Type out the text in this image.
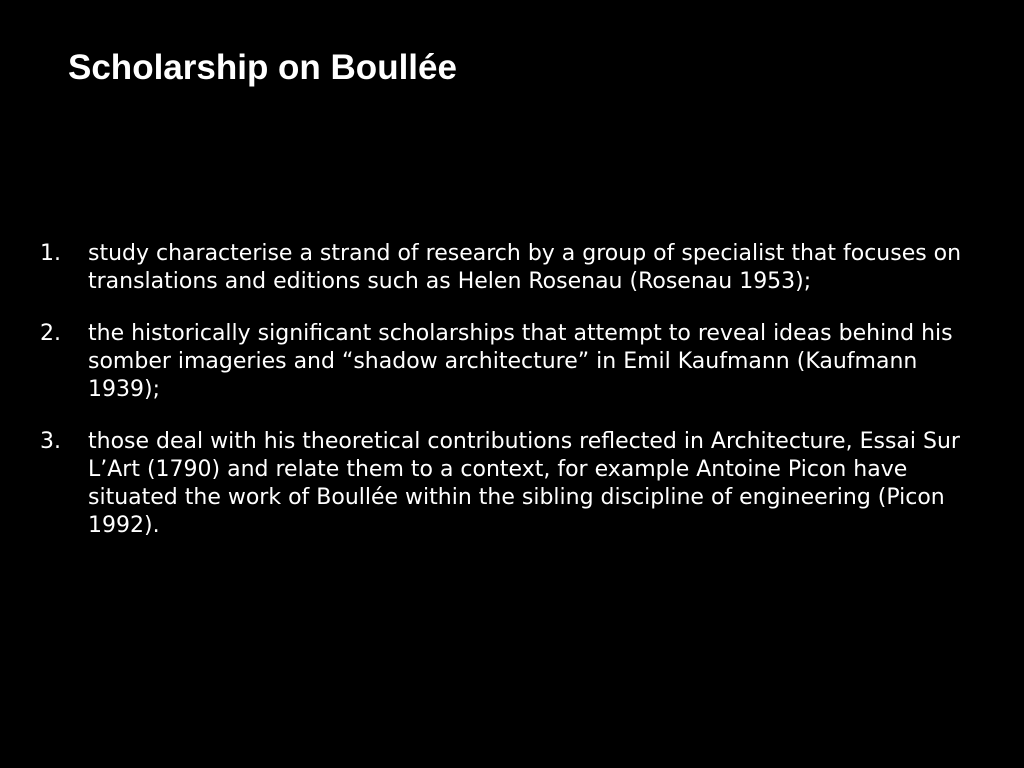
Scholarship on Boullée
1.	study characterise a strand of research by a group of specialist that focuses on translations and editions such as Helen Rosenau (Rosenau 1953);
2.	the historically significant scholarships that attempt to reveal ideas behind his somber imageries and “shadow architecture” in Emil Kaufmann (Kaufmann 1939);
3.	those deal with his theoretical contributions reflected in Architecture, Essai Sur L’Art (1790) and relate them to a context, for example Antoine Picon have situated the work of Boullée within the sibling discipline of engineering (Picon 1992).
